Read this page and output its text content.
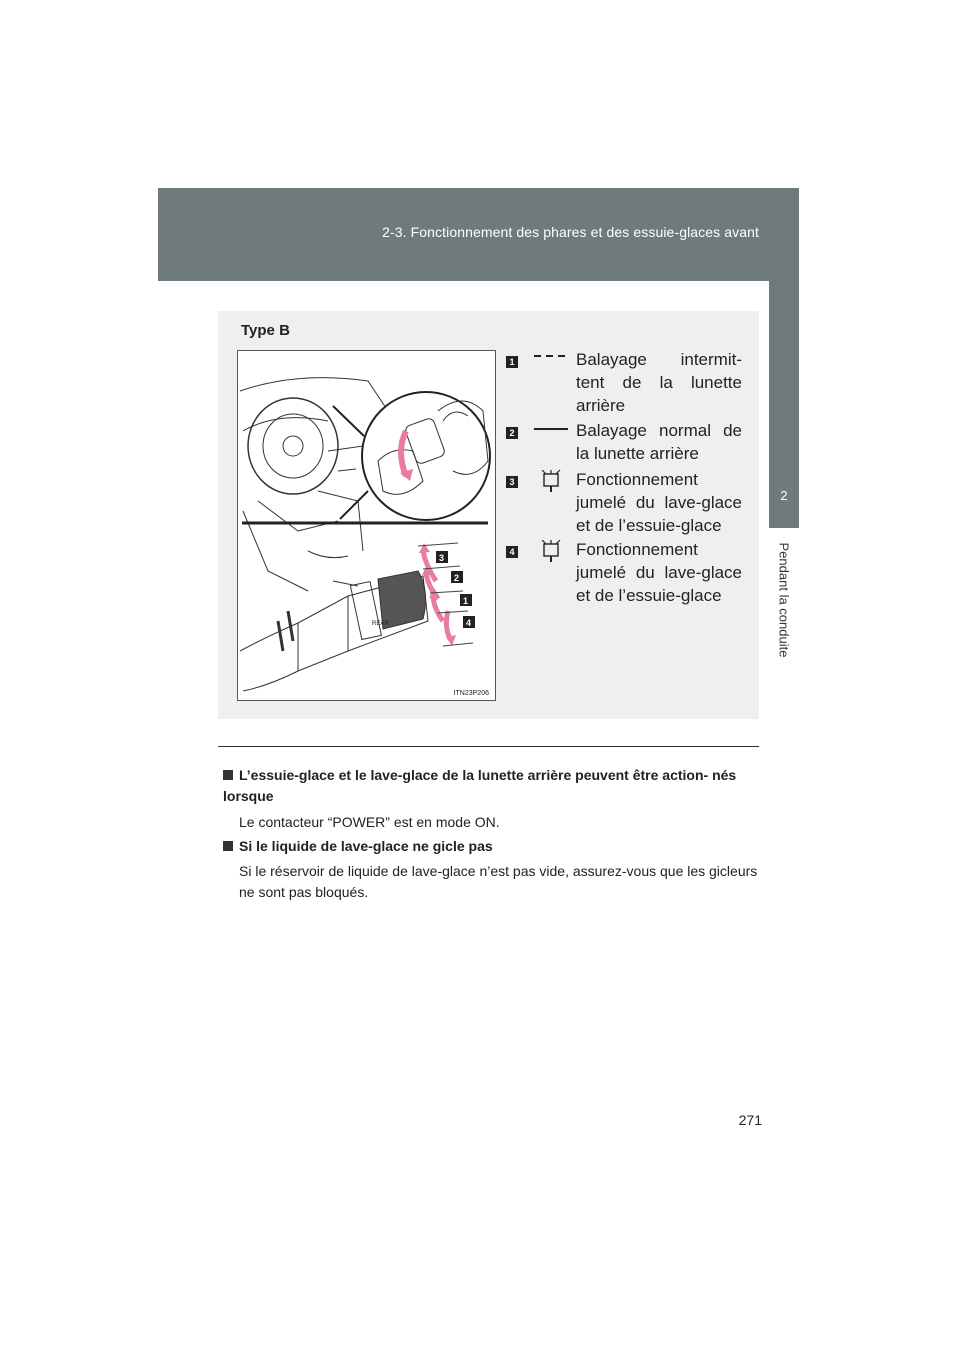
2-3. Fonctionnement des phares et des essuie-glaces avant
2
Pendant la conduite
Type B
REAR
3
2
1
4
ITN23P206
1	Balayage intermit- tent de la lunette arrière
2	Balayage normal de la lunette arrière
3	Fonctionnement jumelé du lave-glace et de l’essuie-glace
4	Fonctionnement jumelé du lave-glace et de l’essuie-glace
L’essuie-glace et le lave-glace de la lunette arrière peuvent être action- nés lorsque
Le contacteur “POWER” est en mode ON.
Si le liquide de lave-glace ne gicle pas
Si le réservoir de liquide de lave-glace n’est pas vide, assurez-vous que les gicleurs ne sont pas bloqués.
271
